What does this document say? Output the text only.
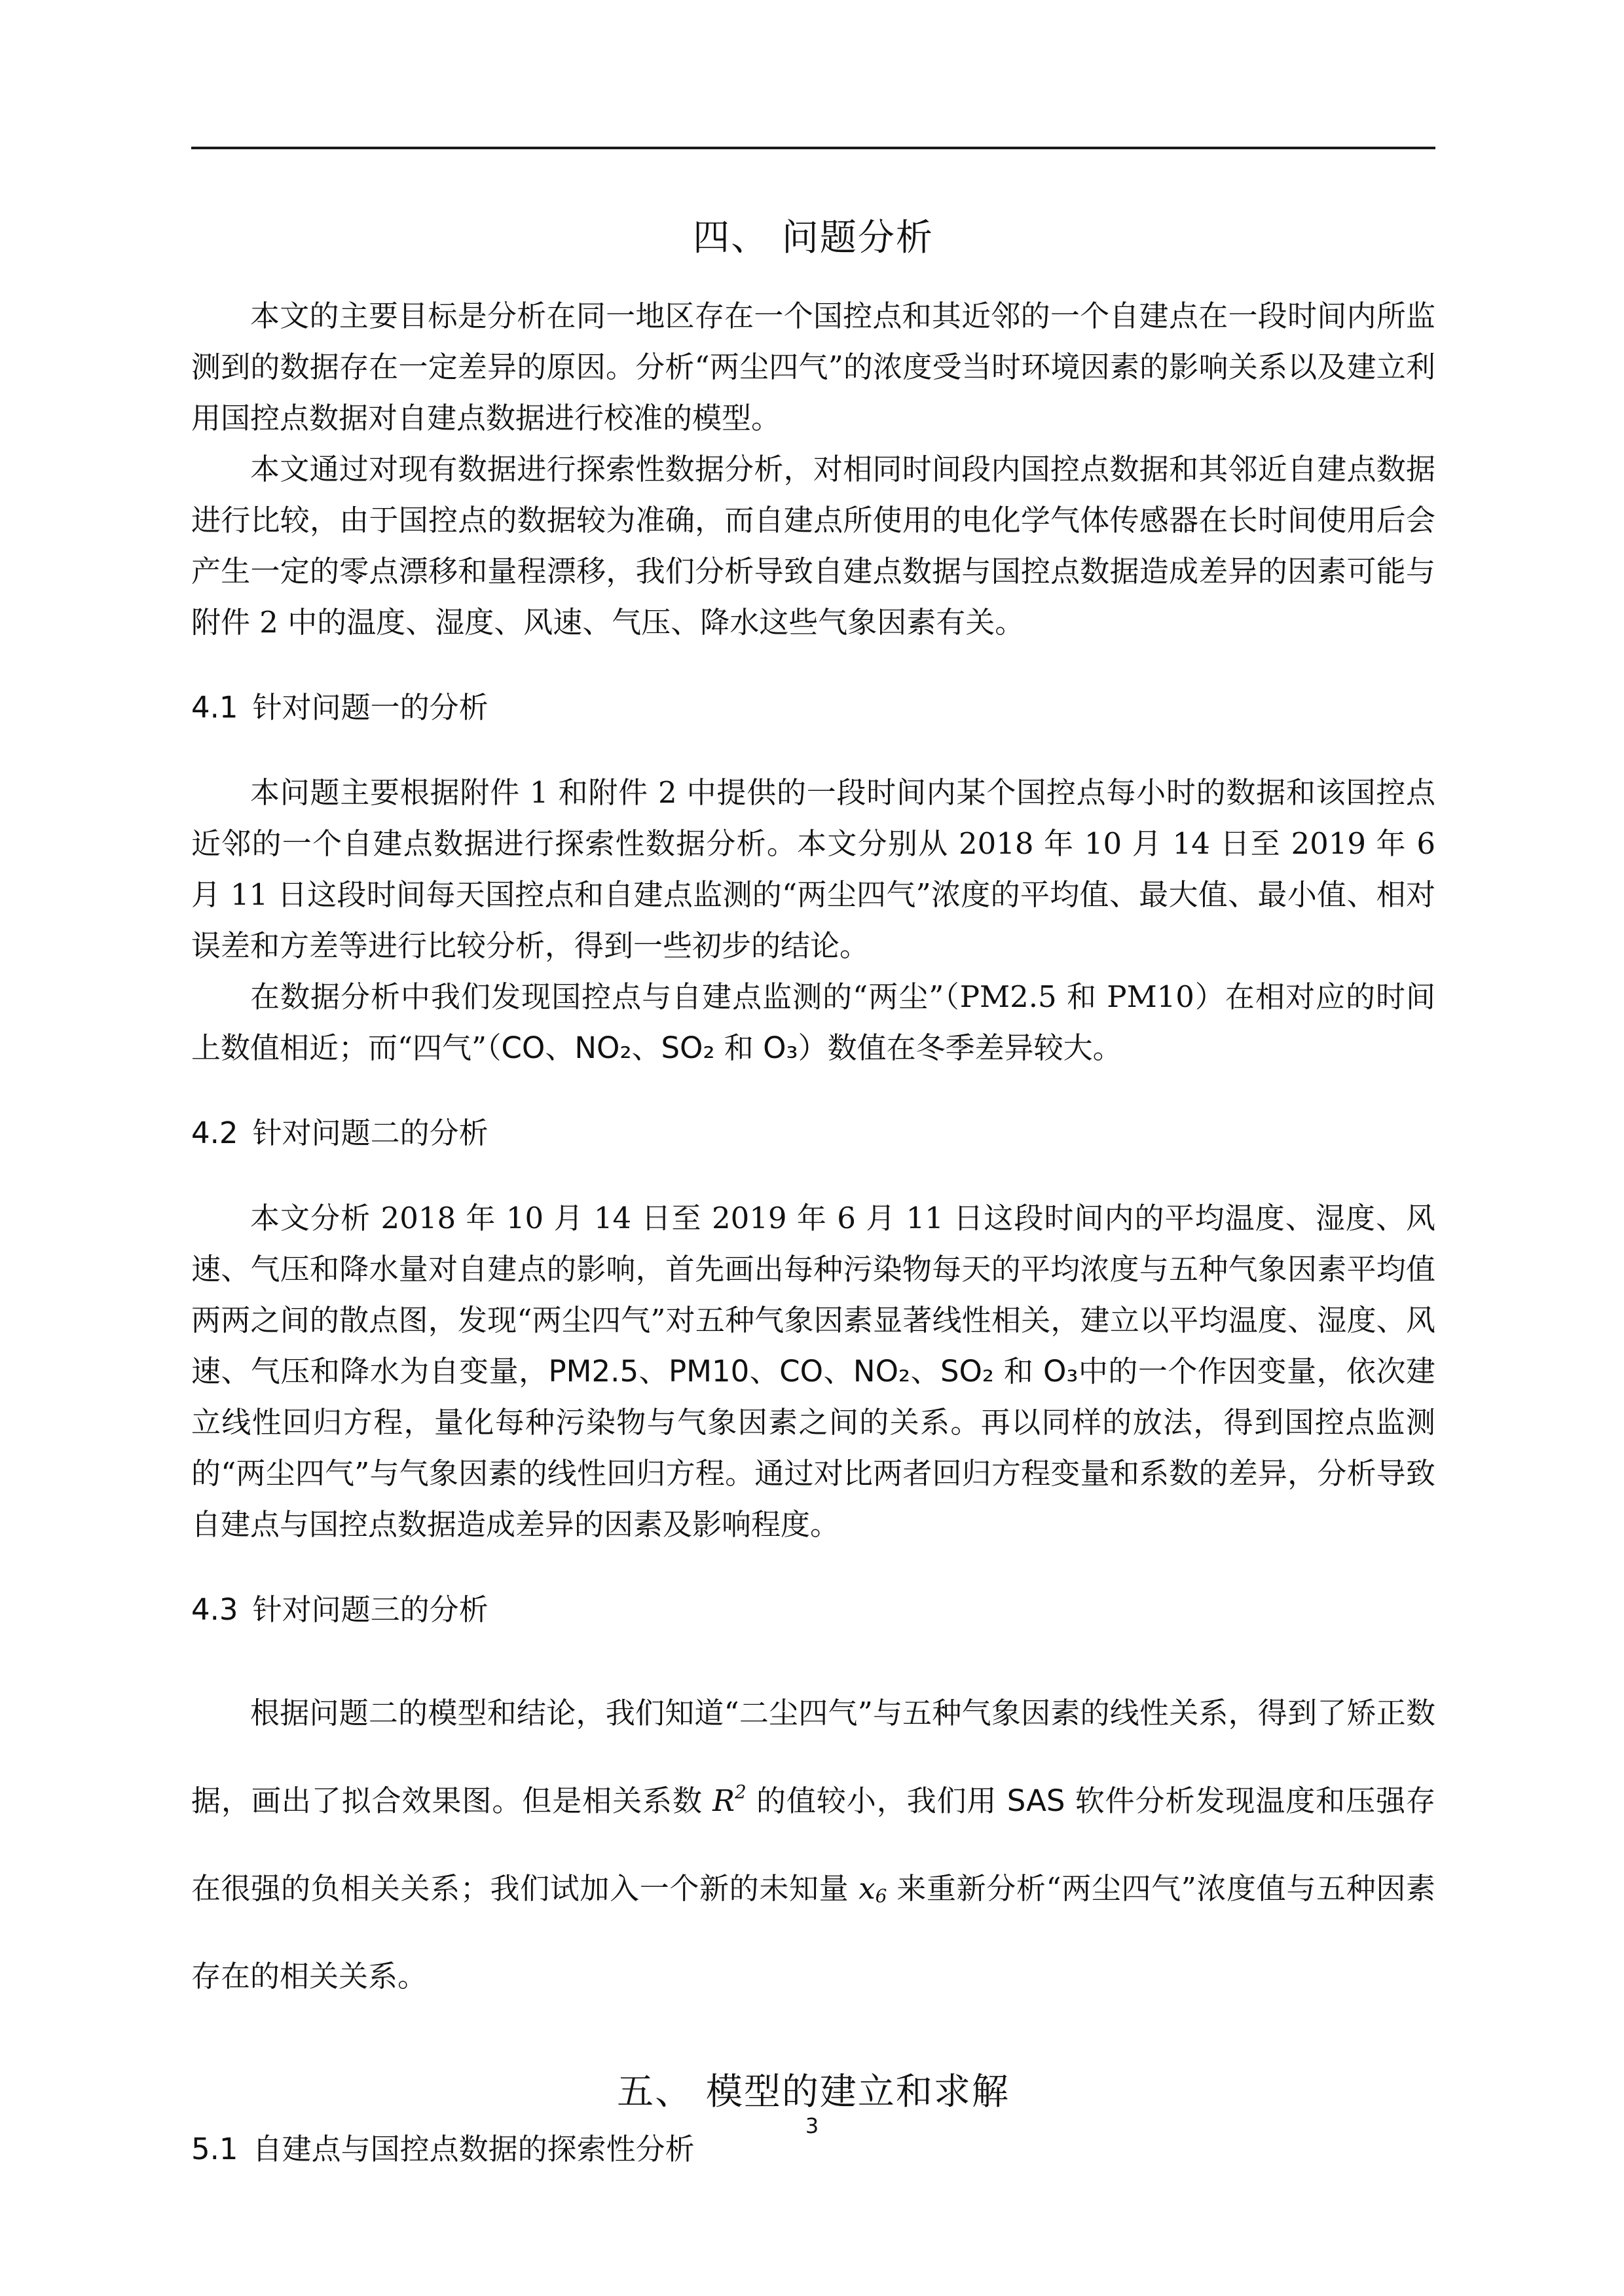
四、 问题分析

本文的主要目标是分析在同一地区存在一个国控点和其近邻的一个自建点在一段时间内所监测到的数据存在一定差异的原因。分析“两尘四气”的浓度受当时环境因素的影响关系以及建立利用国控点数据对自建点数据进行校准的模型。

本文通过对现有数据进行探索性数据分析，对相同时间段内国控点数据和其邻近自建点数据进行比较，由于国控点的数据较为准确，而自建点所使用的电化学气体传感器在长时间使用后会产生一定的零点漂移和量程漂移，我们分析导致自建点数据与国控点数据造成差异的因素可能与附件 2 中的温度、湿度、风速、气压、降水这些气象因素有关。

4.1 针对问题一的分析

本问题主要根据附件 1 和附件 2 中提供的一段时间内某个国控点每小时的数据和该国控点近邻的一个自建点数据进行探索性数据分析。本文分别从 2018 年 10 月 14 日至 2019 年 6 月 11 日这段时间每天国控点和自建点监测的“两尘四气”浓度的平均值、最大值、最小值、相对误差和方差等进行比较分析，得到一些初步的结论。

在数据分析中我们发现国控点与自建点监测的“两尘”（PM2.5 和 PM10）在相对应的时间上数值相近；而“四气”（CO、NO₂、SO₂ 和 O₃）数值在冬季差异较大。

4.2 针对问题二的分析

本文分析 2018 年 10 月 14 日至 2019 年 6 月 11 日这段时间内的平均温度、湿度、风速、气压和降水量对自建点的影响，首先画出每种污染物每天的平均浓度与五种气象因素平均值两两之间的散点图，发现“两尘四气”对五种气象因素显著线性相关，建立以平均温度、湿度、风速、气压和降水为自变量，PM2.5、PM10、CO、NO₂、SO₂ 和 O₃中的一个作因变量，依次建立线性回归方程，量化每种污染物与气象因素之间的关系。再以同样的放法，得到国控点监测的“两尘四气”与气象因素的线性回归方程。通过对比两者回归方程变量和系数的差异，分析导致自建点与国控点数据造成差异的因素及影响程度。

4.3 针对问题三的分析

根据问题二的模型和结论，我们知道“二尘四气”与五种气象因素的线性关系，得到了矫正数据，画出了拟合效果图。但是相关系数 $R^2$ 的值较小，我们用 SAS 软件分析发现温度和压强存在很强的负相关关系；我们试加入一个新的未知量 $x_6$ 来重新分析“两尘四气”浓度值与五种因素存在的相关关系。

五、 模型的建立和求解
5.1 自建点与国控点数据的探索性分析
3
